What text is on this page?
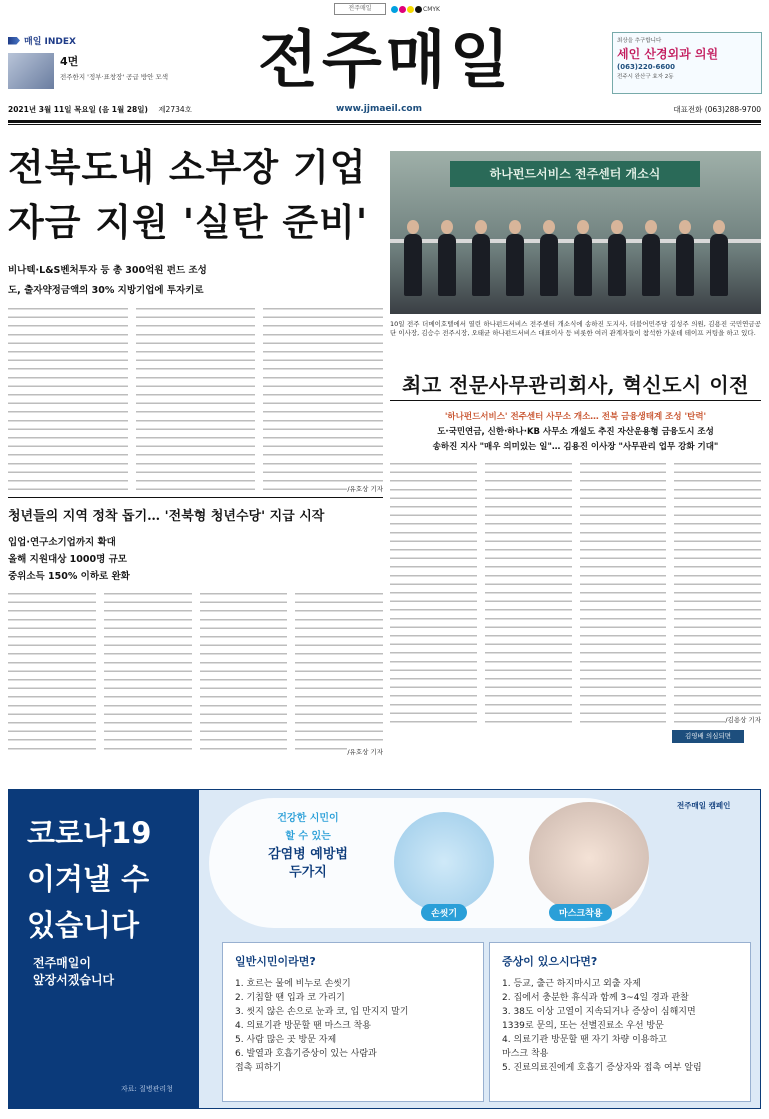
전주매일	CMYK
매일 INDEX
4면
전주한지 '정부·표창장' 공급 방안 모색 전주매일	최상을 추구합니다
세인 산경외과 의원
(063)220-6600
전주시 완산구 효자 2동
2021년 3월 11일 목요일 (음 1월 28일) 제2734호	www.jjmaeil.com	대표전화 (063)288-9700
전북도내 소부장 기업
자금 지원 '실탄 준비'
비나텍·L&S벤처투자 등 총 300억원 펀드 조성
도, 출자약정금액의 30% 지방기업에 투자키로
/유호상 기자
하나펀드서비스 전주센터 개소식
10일 전주 더메이호텔에서 열린 하나펀드서비스 전주센터 개소식에 송하진 도지사, 더블어민주당 김성주 의원, 김용진 국민연금공단 이사장, 김승수 전주시장, 오태균 하나펀드서비스 대표이사 등 비롯한 여러 관계자들이 참석한 가운데 테이프 커팅을 하고 있다.
최고 전문사무관리회사, 혁신도시 이전
'하나펀드서비스' 전주센터 사무소 개소… 전북 금융생태계 조성 '탄력'
도·국민연금, 신한·하나·KB 사무소 개설도 추진 자산운용형 금융도시 조성
송하진 지사 "매우 의미있는 일"… 김용진 이사장 "사무관리 업무 강화 기대"
/김용상 기자
김영배 의심되면 '1339'로
청년들의 지역 정착 돕기… '전북형 청년수당' 지급 시작
입업·연구소기업까지 확대
올해 지원대상 1000명 규모
중위소득 150% 이하로 완화
/유호상 기자
코로나19
이겨낼 수
있습니다
전주매일이
앞장서겠습니다
자료: 질병관리청
전주매일 캠페인
건강한 시민이
할 수 있는
감염병 예방법
두가지
손씻기	마스크착용
일반시민이라면?
1. 흐르는 물에 비누로 손씻기
2. 기침할 땐 입과 코 가리기
3. 씻지 않은 손으로 눈과 코, 입 만지지 말기
4. 의료기관 방문할 땐 마스크 착용
5. 사람 많은 곳 방문 자제
6. 발열과 호흡기증상이 있는 사람과
접촉 피하기
증상이 있으시다면?
1. 등교, 출근 하지마시고 외출 자제
2. 집에서 충분한 휴식과 함께 3~4일 경과 관찰
3. 38도 이상 고열이 지속되거나 증상이 심해지면
1339로 문의, 또는 선별진료소 우선 방문
4. 의료기관 방문할 땐 자기 차량 이용하고
마스크 착용
5. 진료의료진에게 호흡기 증상자와 접촉 여부 알림
